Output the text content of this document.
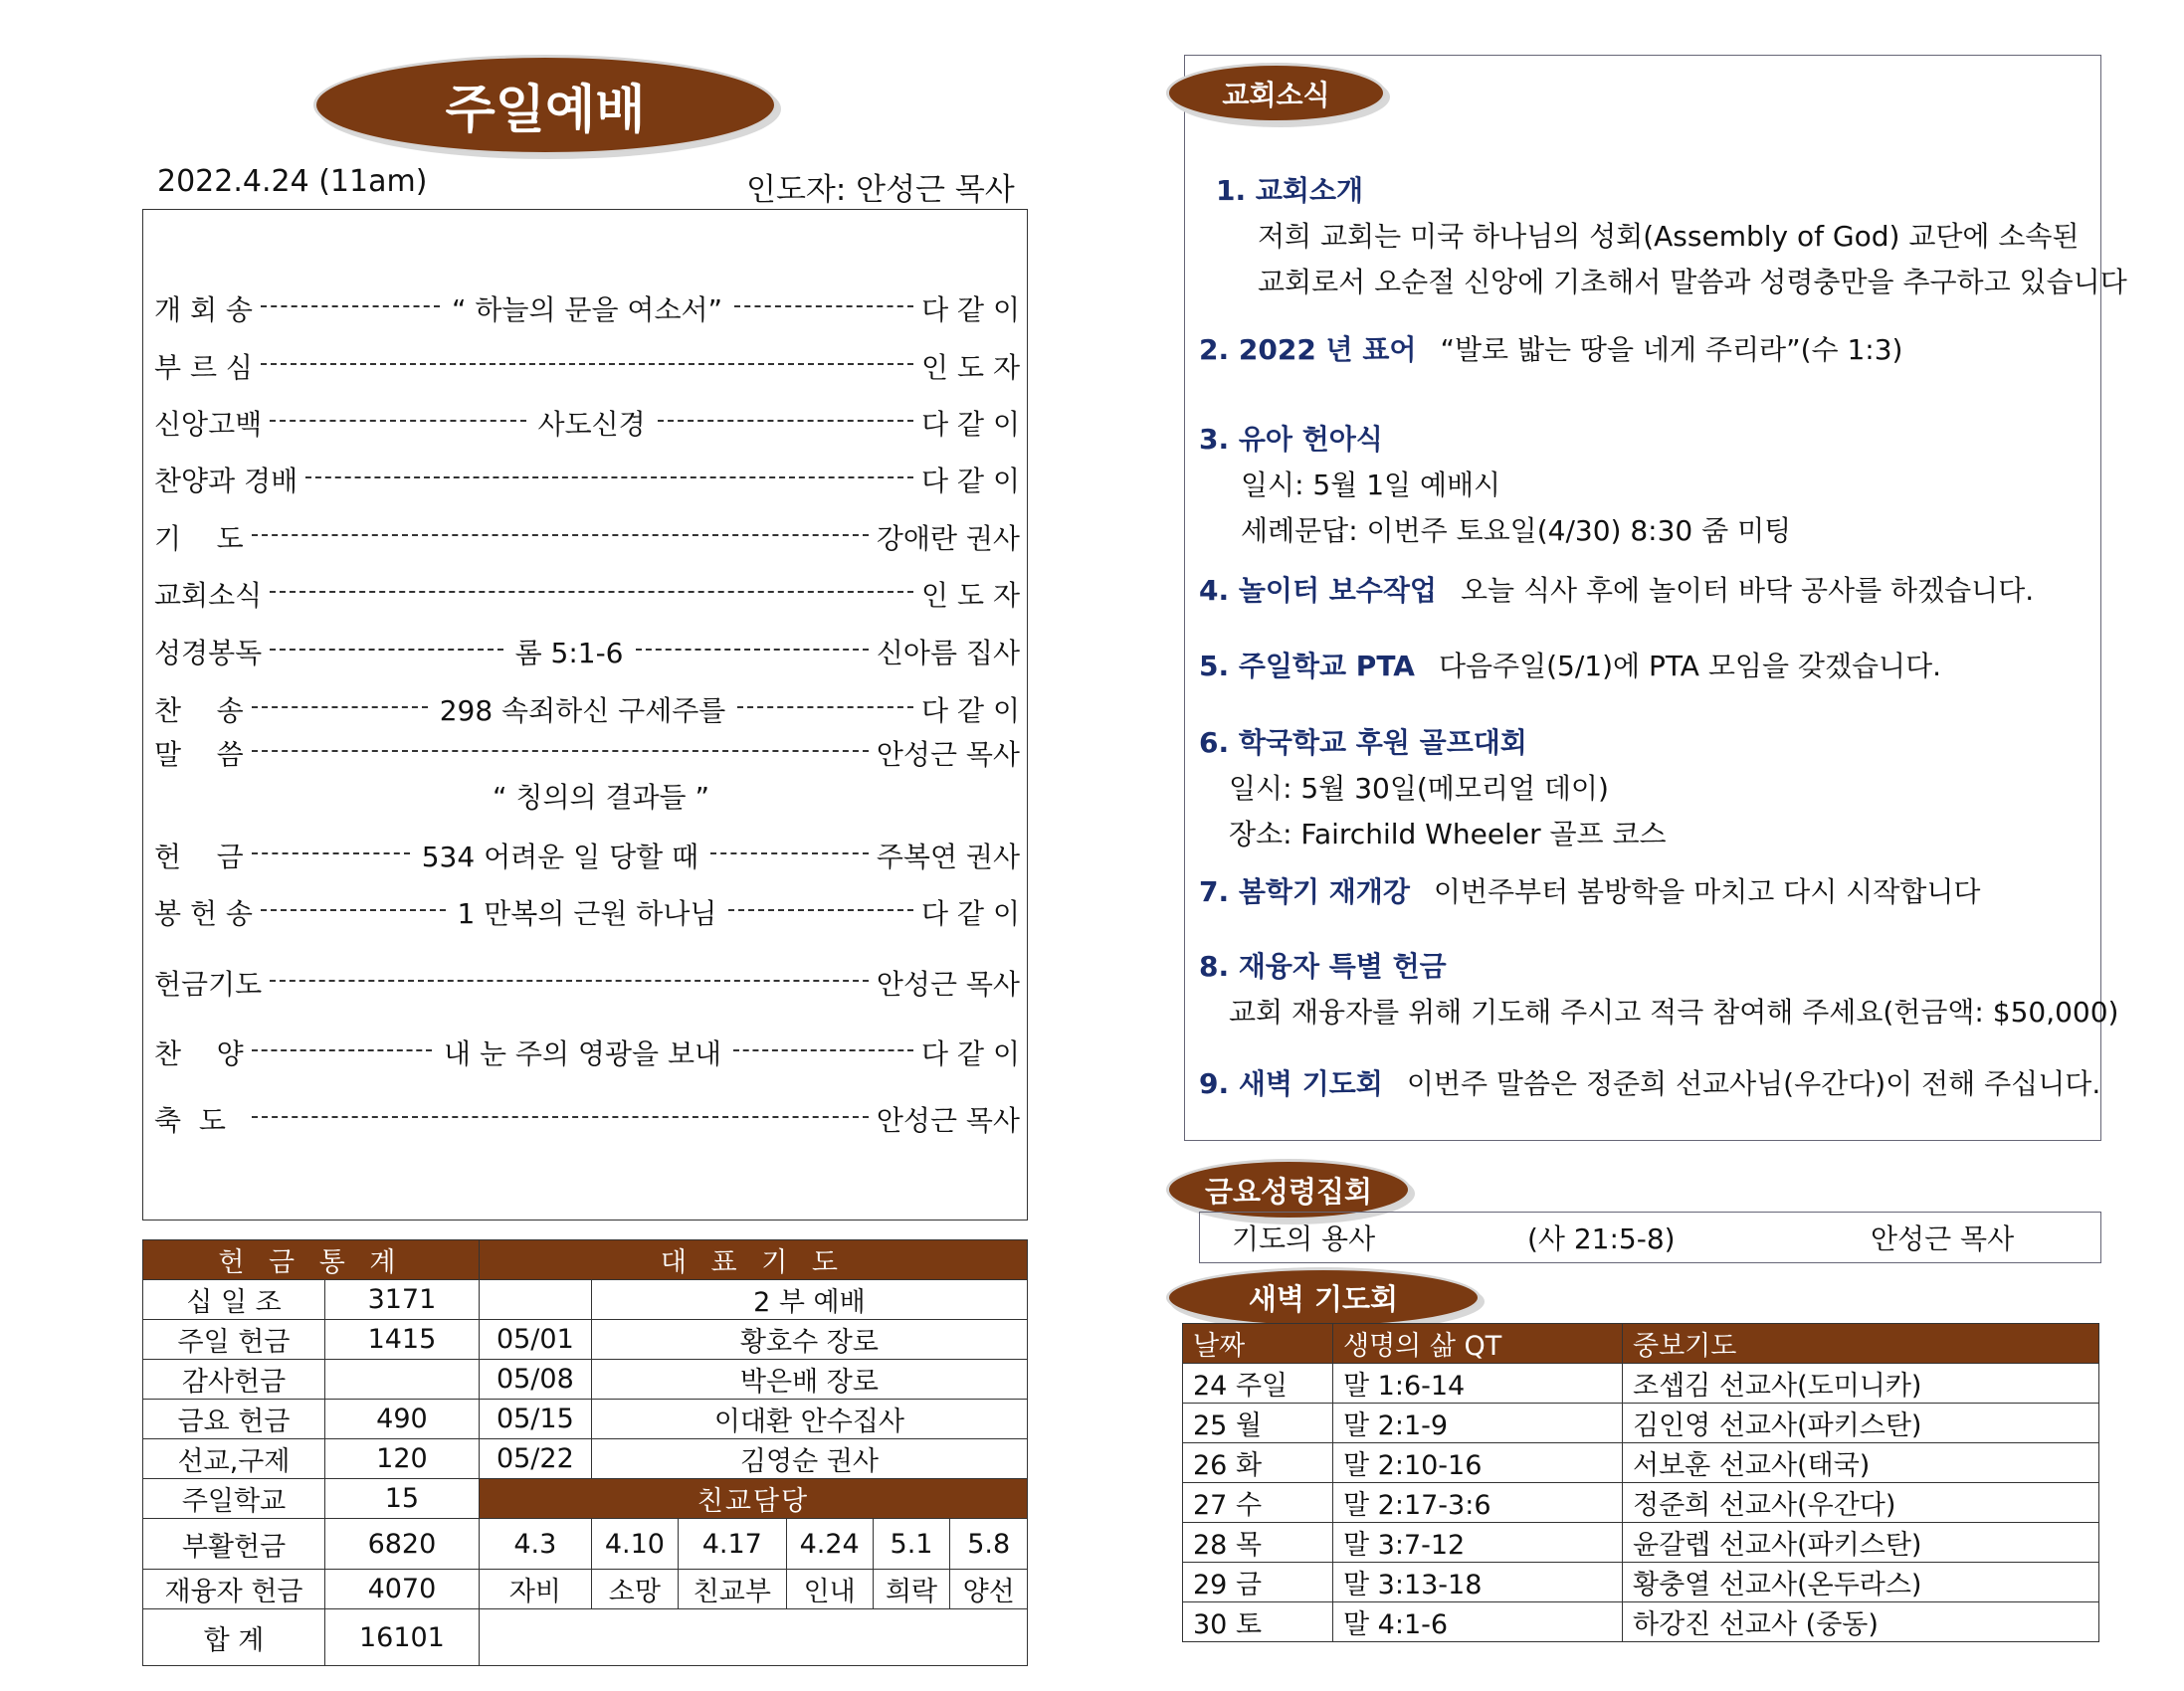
주일예배
2022.4.24 (11am)	인도자: 안성근 목사
개 회 송	“ 하늘의 문을 여소서”	다 같 이
부 르 심	인 도 자
신앙고백	사도신경	다 같 이
찬양과 경배	다 같 이
기    도	강애란 권사
교회소식	인 도 자
성경봉독	롬 5:1-6	신아름 집사
찬    송	298 속죄하신 구세주를	다 같 이
말    씀	안성근 목사
헌    금	534 어려운 일 당할 때	주복연 권사
봉 헌 송	1 만복의 근원 하나님	다 같 이
헌금기도	안성근 목사
찬    양	내 눈 주의 영광을 보내	다 같 이
축  도	안성근 목사
“ 칭의의 결과들 ”
헌 금 통 계		대 표 기 도					
십 일 조	3171		2 부 예배				
주일 헌금	1415	05/01	황호수 장로				
감사헌금		05/08	박은배 장로				
금요 헌금	490	05/15	이대환 안수집사				
선교,구제	120	05/22	김영순 권사				
주일학교	15	친교담당					
부활헌금	6820	4.3	4.10	4.17	4.24	5.1	5.8
재융자 헌금	4070	자비	소망	친교부	인내	희락	양선
합 계	16101						
교회소식
1. 교회소개
저희 교회는 미국 하나님의 성회(Assembly of God) 교단에 소속된
교회로서 오순절 신앙에 기초해서 말씀과 성령충만을 추구하고 있습니다
2. 2022 년 표어 “발로 밟는 땅을 네게 주리라”(수 1:3)
3. 유아 헌아식
일시: 5월 1일 예배시
세례문답: 이번주 토요일(4/30) 8:30 줌 미팅
4. 놀이터 보수작업 오늘 식사 후에 놀이터 바닥 공사를 하겠습니다.
5. 주일학교 PTA 다음주일(5/1)에 PTA 모임을 갖겠습니다.
6. 학국학교 후원 골프대회
일시: 5월 30일(메모리얼 데이)
장소: Fairchild Wheeler 골프 코스
7. 봄학기 재개강 이번주부터 봄방학을 마치고 다시 시작합니다
8. 재융자 특별 헌금
교회 재융자를 위해 기도해 주시고 적극 참여해 주세요(헌금액: $50,000)
9. 새벽 기도회 이번주 말씀은 정준희 선교사님(우간다)이 전해 주십니다.
금요성령집회
기도의 용사	(사 21:5-8)	안성근 목사
새벽 기도회
날짜	생명의 삶 QT	중보기도
24 주일	말 1:6-14	조셉김 선교사(도미니카)
25 월	말 2:1-9	김인영 선교사(파키스탄)
26 화	말 2:10-16	서보훈 선교사(태국)
27 수	말 2:17-3:6	정준희 선교사(우간다)
28 목	말 3:7-12	윤갈렙 선교사(파키스탄)
29 금	말 3:13-18	황충열 선교사(온두라스)
30 토	말 4:1-6	하강진 선교사 (중동)
